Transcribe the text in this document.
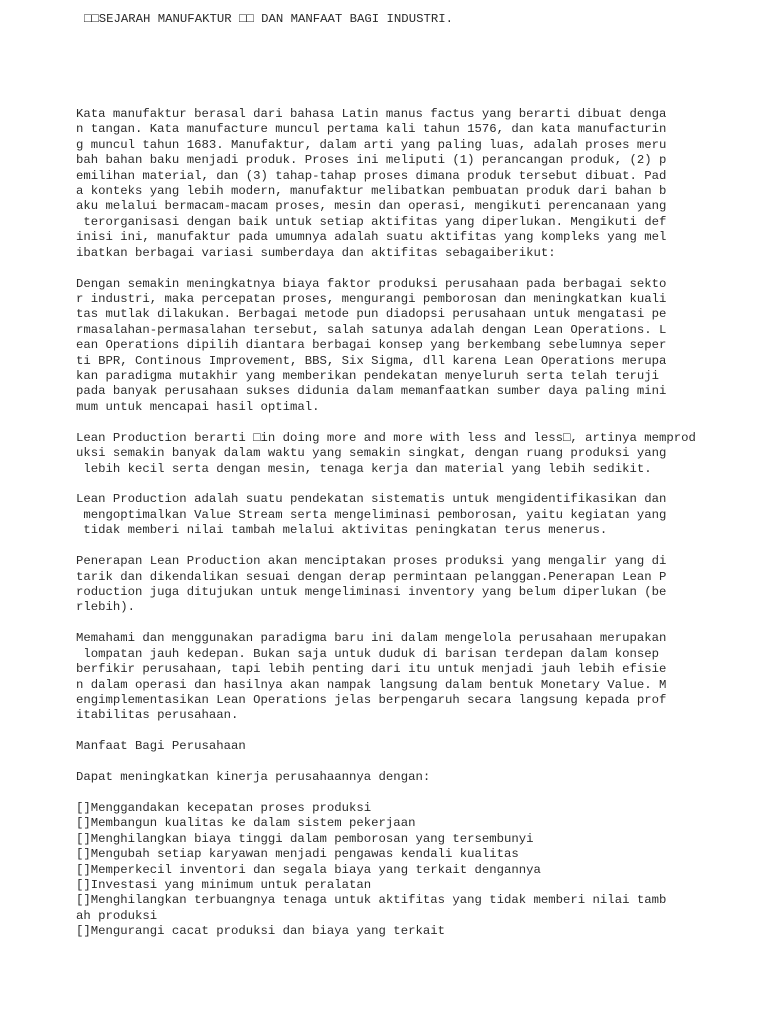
□□SEJARAH MANUFAKTUR □□ DAN MANFAAT BAGI INDUSTRI.

Kata manufaktur berasal dari bahasa Latin manus factus yang berarti dibuat denga
n tangan. Kata manufacture muncul pertama kali tahun 1576, dan kata manufacturin
g muncul tahun 1683. Manufaktur, dalam arti yang paling luas, adalah proses meru
bah bahan baku menjadi produk. Proses ini meliputi (1) perancangan produk, (2) p
emilihan material, dan (3) tahap-tahap proses dimana produk tersebut dibuat. Pad
a konteks yang lebih modern, manufaktur melibatkan pembuatan produk dari bahan b
aku melalui bermacam-macam proses, mesin dan operasi, mengikuti perencanaan yang
terorganisasi dengan baik untuk setiap aktifitas yang diperlukan. Mengikuti def
inisi ini, manufaktur pada umumnya adalah suatu aktifitas yang kompleks yang mel
ibatkan berbagai variasi sumberdaya dan aktifitas sebagaiberikut:

Dengan semakin meningkatnya biaya faktor produksi perusahaan pada berbagai sekto
r industri, maka percepatan proses, mengurangi pemborosan dan meningkatkan kuali
tas mutlak dilakukan. Berbagai metode pun diadopsi perusahaan untuk mengatasi pe
rmasalahan-permasalahan tersebut, salah satunya adalah dengan Lean Operations. L
ean Operations dipilih diantara berbagai konsep yang berkembang sebelumnya seper
ti BPR, Continous Improvement, BBS, Six Sigma, dll karena Lean Operations merupa
kan paradigma mutakhir yang memberikan pendekatan menyeluruh serta telah teruji
pada banyak perusahaan sukses didunia dalam memanfaatkan sumber daya paling mini
mum untuk mencapai hasil optimal.

Lean Production berarti □in doing more and more with less and less□, artinya memprod
uksi semakin banyak dalam waktu yang semakin singkat, dengan ruang produksi yang
lebih kecil serta dengan mesin, tenaga kerja dan material yang lebih sedikit.

Lean Production adalah suatu pendekatan sistematis untuk mengidentifikasikan dan
mengoptimalkan Value Stream serta mengeliminasi pemborosan, yaitu kegiatan yang
tidak memberi nilai tambah melalui aktivitas peningkatan terus menerus.

Penerapan Lean Production akan menciptakan proses produksi yang mengalir yang di
tarik dan dikendalikan sesuai dengan derap permintaan pelanggan.Penerapan Lean P
roduction juga ditujukan untuk mengeliminasi inventory yang belum diperlukan (be
rlebih).

Memahami dan menggunakan paradigma baru ini dalam mengelola perusahaan merupakan
lompatan jauh kedepan. Bukan saja untuk duduk di barisan terdepan dalam konsep
berfikir perusahaan, tapi lebih penting dari itu untuk menjadi jauh lebih efisie
n dalam operasi dan hasilnya akan nampak langsung dalam bentuk Monetary Value. M
engimplementasikan Lean Operations jelas berpengaruh secara langsung kepada prof
itabilitas perusahaan.

Manfaat Bagi Perusahaan

Dapat meningkatkan kinerja perusahaannya dengan:

[]Menggandakan kecepatan proses produksi
[]Membangun kualitas ke dalam sistem pekerjaan
[]Menghilangkan biaya tinggi dalam pemborosan yang tersembunyi
[]Mengubah setiap karyawan menjadi pengawas kendali kualitas
[]Memperkecil inventori dan segala biaya yang terkait dengannya
[]Investasi yang minimum untuk peralatan
[]Menghilangkan terbuangnya tenaga untuk aktifitas yang tidak memberi nilai tamb
ah produksi
[]Mengurangi cacat produksi dan biaya yang terkait
